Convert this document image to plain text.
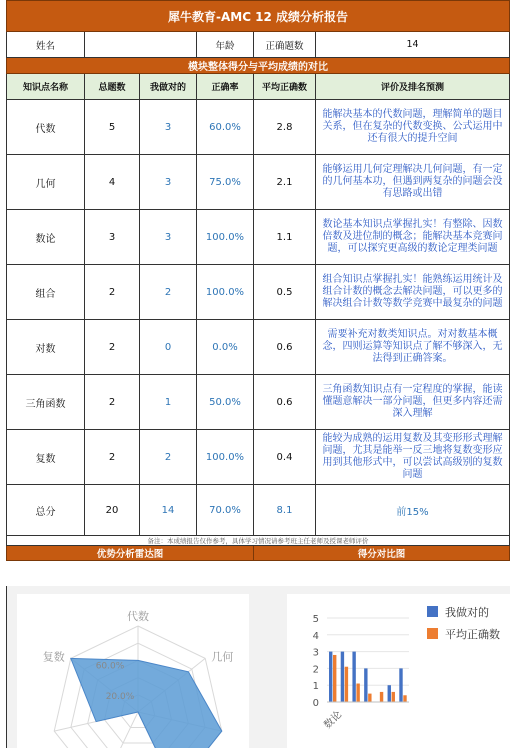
犀牛教育-AMC 12 成绩分析报告					
姓名			年龄	正确题数	14
模块整体得分与平均成绩的对比					
知识点名称	总题数	我做对的	正确率	平均正确数	评价及排名预测
代数	5	3	60.0%	2.8	能解决基本的代数问题，理解简单的题目关系，但在复杂的代数变换、公式运用中还有很大的提升空间
几何	4	3	75.0%	2.1	能够运用几何定理解决几何问题，有一定的几何基本功，但遇到两复杂的问题会没有思路或出错
数论	3	3	100.0%	1.1	数论基本知识点掌握扎实！有整除、因数倍数及进位制的概念；能解决基本竞赛问题，可以探究更高级的数论定理类问题
组合	2	2	100.0%	0.5	组合知识点掌握扎实！能熟练运用统计及组合计数的概念去解决问题，可以更多的解决组合计数等数学竞赛中最复杂的问题
对数	2	0	0.0%	0.6	需要补充对数类知识点。对对数基本概念，四则运算等知识点了解不够深入，无法得到正确答案。
三角函数	2	1	50.0%	0.6	三角函数知识点有一定程度的掌握，能读懂题意解决一部分问题，但更多内容还需深入理解
复数	2	2	100.0%	0.4	能较为成熟的运用复数及其变形形式理解问题，尤其是能举一反三地将复数变形应用到其他形式中，可以尝试高级别的复数问题
总分	20	14	70.0%	8.1	前15%
备注：本成绩报告仅作参考，具体学习情况请参考班主任老师及授课老师评价					
优势分析雷达图				得分对比图	
代数
几何
复数
60.0%
20.0%
0
1
2
3
4
5
数论
我做对的
平均正确数
